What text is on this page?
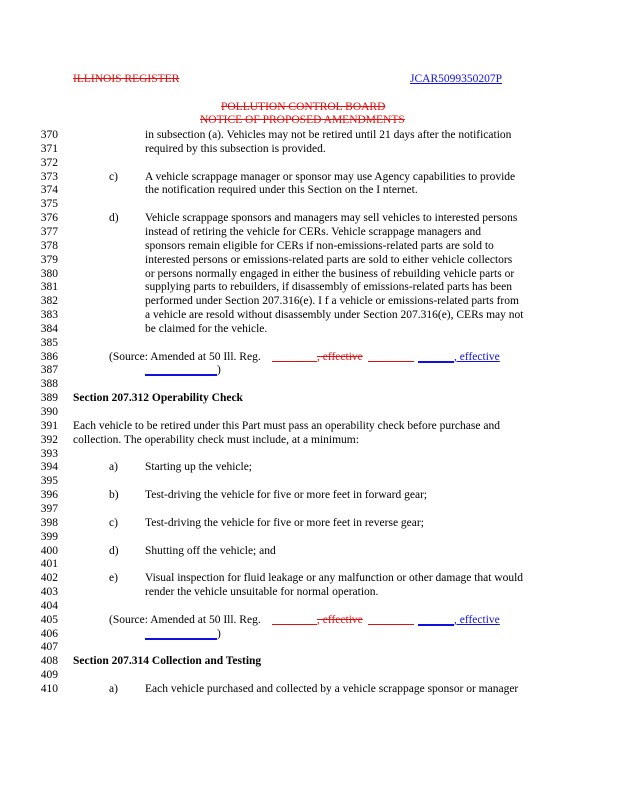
ILLINOIS REGISTER	JCAR5099350207P
POLLUTION CONTROL BOARD
NOTICE OF PROPOSED AMENDMENTS
370	in subsection (a). Vehicles may not be retired until 21 days after the notification
371	required by this subsection is provided.
372
373	c) A vehicle scrappage manager or sponsor may use Agency capabilities to provide
374	the notification required under this Section on the I nternet.
375
376	d) Vehicle scrappage sponsors and managers may sell vehicles to interested persons
377	instead of retiring the vehicle for CERs. Vehicle scrappage managers and
378	sponsors remain eligible for CERs if non-emissions-related parts are sold to
379	interested persons or emissions-related parts are sold to either vehicle collectors
380	or persons normally engaged in either the business of rebuilding vehicle parts or
381	supplying parts to rebuilders, if disassembly of emissions-related parts has been
382	performed under Section 207.316(e). I f a vehicle or emissions-related parts from
383	a vehicle are resold without disassembly under Section 207.316(e), CERs may not
384	be claimed for the vehicle.
385
386	(Source: Amended at 50 Ill. Reg.	, effective	, effective
387	)
388
389 Section 207.312 Operability Check
390
391 Each vehicle to be retired under this Part must pass an operability check before purchase and
392 collection. The operability check must include, at a minimum:
393
394	a) Starting up the vehicle;
395
396	b) Test-driving the vehicle for five or more feet in forward gear;
397
398	c) Test-driving the vehicle for five or more feet in reverse gear;
399
400	d) Shutting off the vehicle; and
401
402	e) Visual inspection for fluid leakage or any malfunction or other damage that would
403	render the vehicle unsuitable for normal operation.
404
405	(Source: Amended at 50 Ill. Reg.	, effective	, effective
406	)
407
408 Section 207.314 Collection and Testing
409
410	a) Each vehicle purchased and collected by a vehicle scrappage sponsor or manager
